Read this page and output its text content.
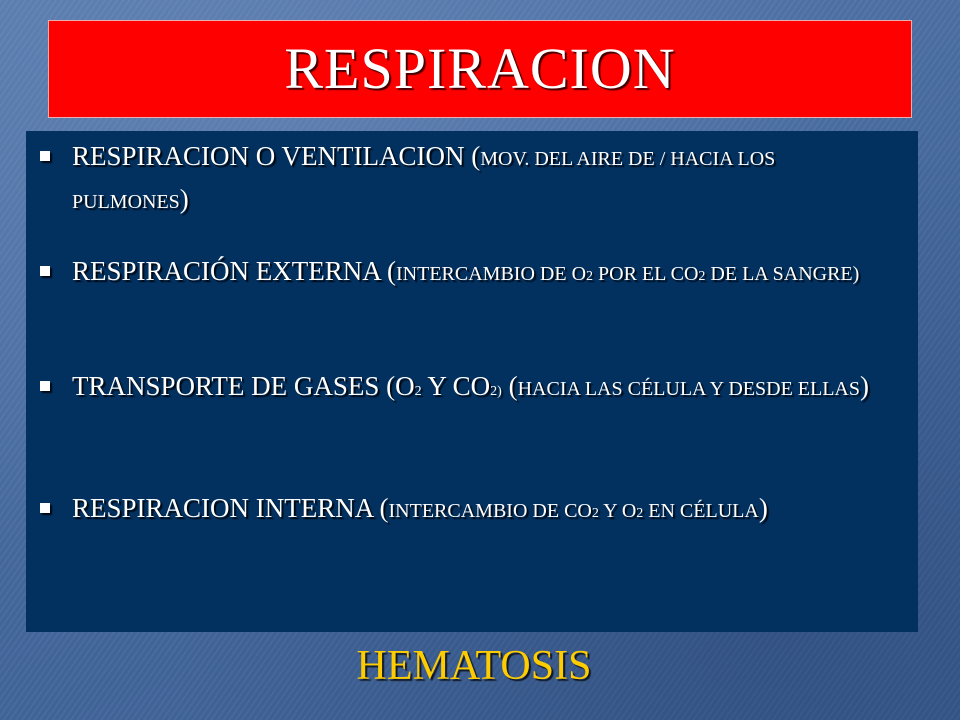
RESPIRACION
RESPIRACION O VENTILACION (MOV. DEL AIRE DE / HACIA LOS PULMONES)
RESPIRACIÓN EXTERNA (INTERCAMBIO DE O2 POR EL CO2 DE LA SANGRE)
TRANSPORTE DE GASES (O2 Y CO2) (HACIA LAS CÉLULA Y DESDE ELLAS)
RESPIRACION INTERNA (INTERCAMBIO DE CO2 Y O2 EN CÉLULA)
HEMATOSIS
